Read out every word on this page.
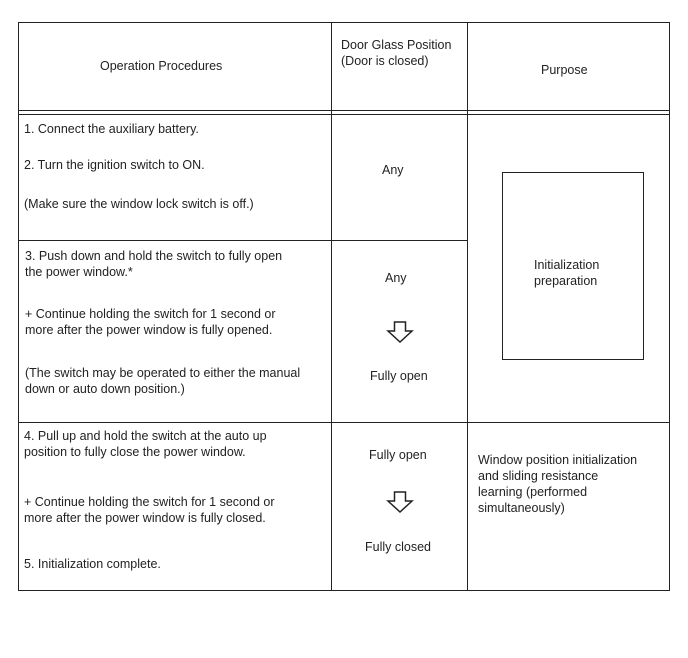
Operation Procedures
Door Glass Position
(Door is closed)
Purpose
1. Connect the auxiliary battery.
2. Turn the ignition switch to ON.
(Make sure the window lock switch is off.)
Any
3. Push down and hold the switch to fully open
the power window.*
+ Continue holding the switch for 1 second or
more after the power window is fully opened.
(The switch may be operated to either the manual
down or auto down position.)
Any
Fully open
Initialization
preparation
4. Pull up and hold the switch at the auto up
position to fully close the power window.
+ Continue holding the switch for 1 second or
more after the power window is fully closed.
5. Initialization complete.
Fully open
Fully closed
Window position initialization
and sliding resistance
learning (performed
simultaneously)
